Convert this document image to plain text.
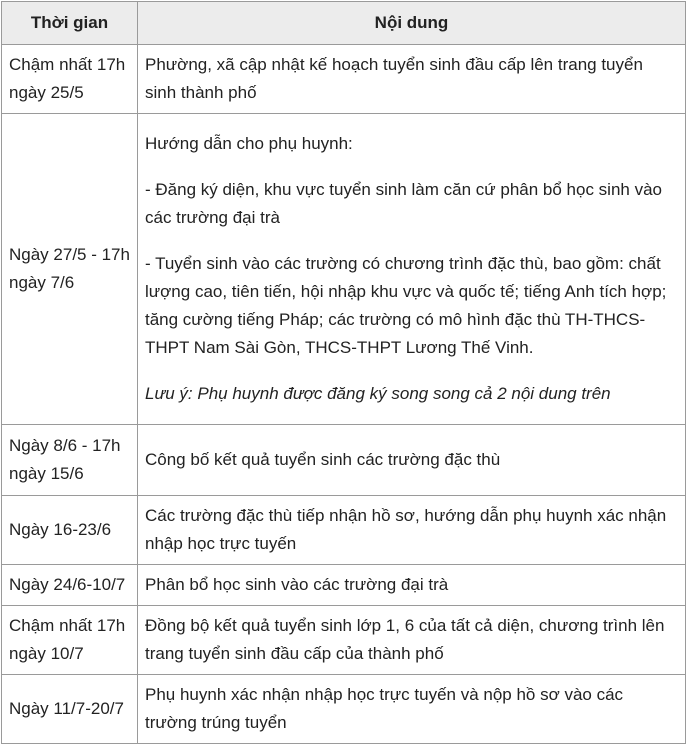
Thời gian	Nội dung
Chậm nhất 17h ngày 25/5	Phường, xã cập nhật kế hoạch tuyển sinh đầu cấp lên trang tuyển sinh thành phố

Ngày 27/5 - 17h ngày 7/6	Hướng dẫn cho phụ huynh:

- Đăng ký diện, khu vực tuyển sinh làm căn cứ phân bổ học sinh vào các trường đại trà

- Tuyển sinh vào các trường có chương trình đặc thù, bao gồm: chất lượng cao, tiên tiến, hội nhập khu vực và quốc tế; tiếng Anh tích hợp; tăng cường tiếng Pháp; các trường có mô hình đặc thù TH-THCS-THPT Nam Sài Gòn, THCS-THPT Lương Thế Vinh.

Lưu ý: Phụ huynh được đăng ký song song cả 2 nội dung trên

Ngày 8/6 - 17h ngày 15/6	Công bố kết quả tuyển sinh các trường đặc thù

Ngày 16-23/6	Các trường đặc thù tiếp nhận hồ sơ, hướng dẫn phụ huynh xác nhận nhập học trực tuyến

Ngày 24/6-10/7	Phân bổ học sinh vào các trường đại trà

Chậm nhất 17h ngày 10/7	Đồng bộ kết quả tuyển sinh lớp 1, 6 của tất cả diện, chương trình lên trang tuyển sinh đầu cấp của thành phố

Ngày 11/7-20/7	Phụ huynh xác nhận nhập học trực tuyến và nộp hồ sơ vào các trường trúng tuyển
